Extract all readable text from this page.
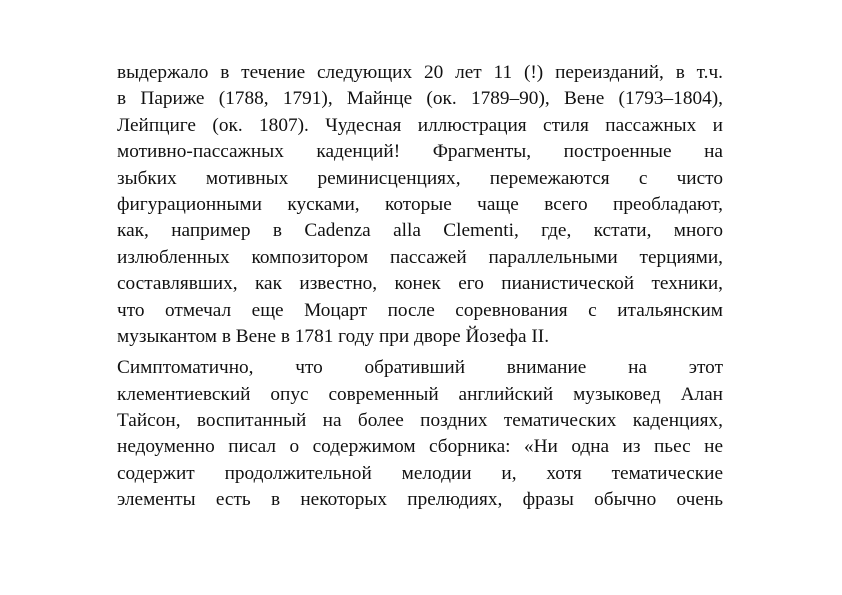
выдержало в течение следующих 20 лет 11 (!) переизданий, в т.ч.
в Париже (1788, 1791), Майнце (ок. 1789–90), Вене (1793–1804),
Лейпциге (ок. 1807). Чудесная иллюстрация стиля пассажных и
мотивно-пассажных каденций! Фрагменты, построенные на
зыбких мотивных реминисценциях, перемежаются с чисто
фигурационными кусками, которые чаще всего преобладают,
как, например в Cadenza alla Clementi, где, кстати, много
излюбленных композитором пассажей параллельными терциями,
составлявших, как известно, конек его пианистической техники,
что отмечал еще Моцарт после соревнования с итальянским
музыкантом в Вене в 1781 году при дворе Йозефа II.

Симптоматично, что обративший внимание на этот
клементиевский опус современный английский музыковед Алан
Тайсон, воспитанный на более поздних тематических каденциях,
недоуменно писал о содержимом сборника: «Ни одна из пьес не
содержит продолжительной мелодии и, хотя тематические
элементы есть в некоторых прелюдиях, фразы обычно очень
